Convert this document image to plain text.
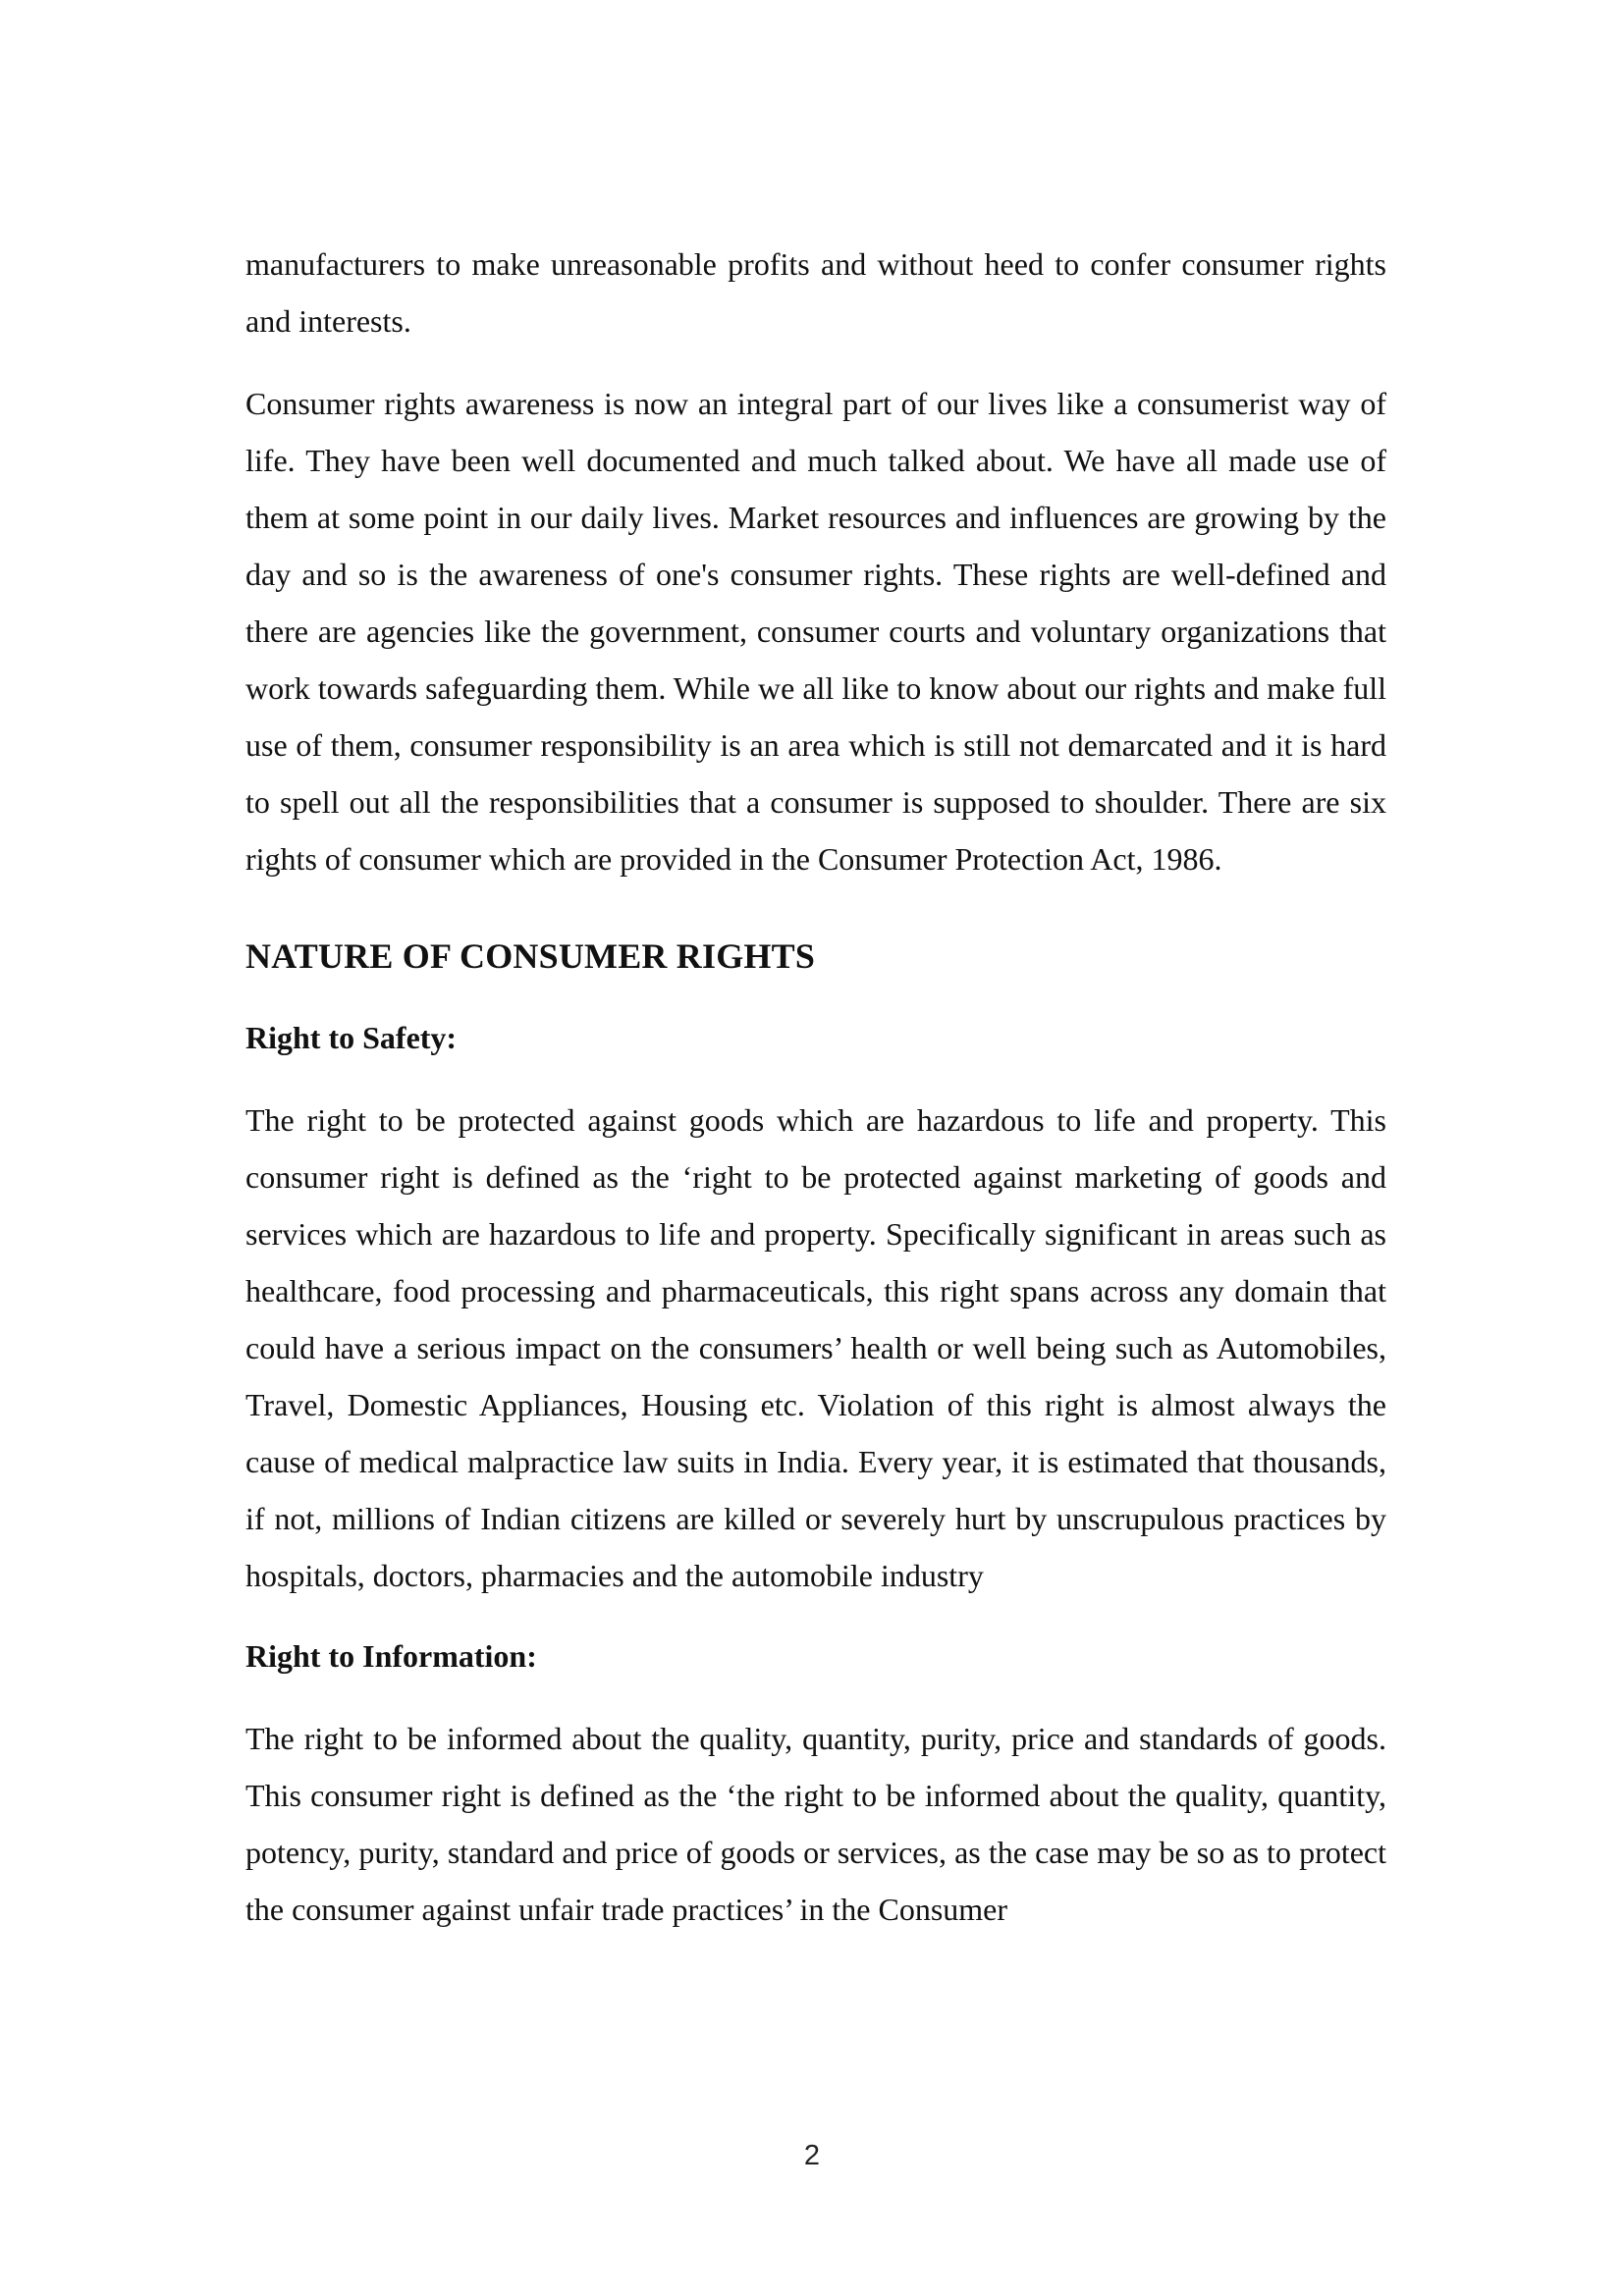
manufacturers to make unreasonable profits and without heed to confer consumer rights and interests.

Consumer rights awareness is now an integral part of our lives like a consumerist way of life. They have been well documented and much talked about. We have all made use of them at some point in our daily lives. Market resources and influences are growing by the day and so is the awareness of one's consumer rights. These rights are well-defined and there are agencies like the government, consumer courts and voluntary organizations that work towards safeguarding them. While we all like to know about our rights and make full use of them, consumer responsibility is an area which is still not demarcated and it is hard to spell out all the responsibilities that a consumer is supposed to shoulder. There are six rights of consumer which are provided in the Consumer Protection Act, 1986.

NATURE OF CONSUMER RIGHTS
Right to Safety:

The right to be protected against goods which are hazardous to life and property. This consumer right is defined as the ‘right to be protected against marketing of goods and services which are hazardous to life and property. Specifically significant in areas such as healthcare, food processing and pharmaceuticals, this right spans across any domain that could have a serious impact on the consumers’ health or well being such as Automobiles, Travel, Domestic Appliances, Housing etc. Violation of this right is almost always the cause of medical malpractice law suits in India. Every year, it is estimated that thousands, if not, millions of Indian citizens are killed or severely hurt by unscrupulous practices by hospitals, doctors, pharmacies and the automobile industry

Right to Information:

The right to be informed about the quality, quantity, purity, price and standards of goods. This consumer right is defined as the ‘the right to be informed about the quality, quantity, potency, purity, standard and price of goods or services, as the case may be so as to protect the consumer against unfair trade practices’ in the Consumer

2
